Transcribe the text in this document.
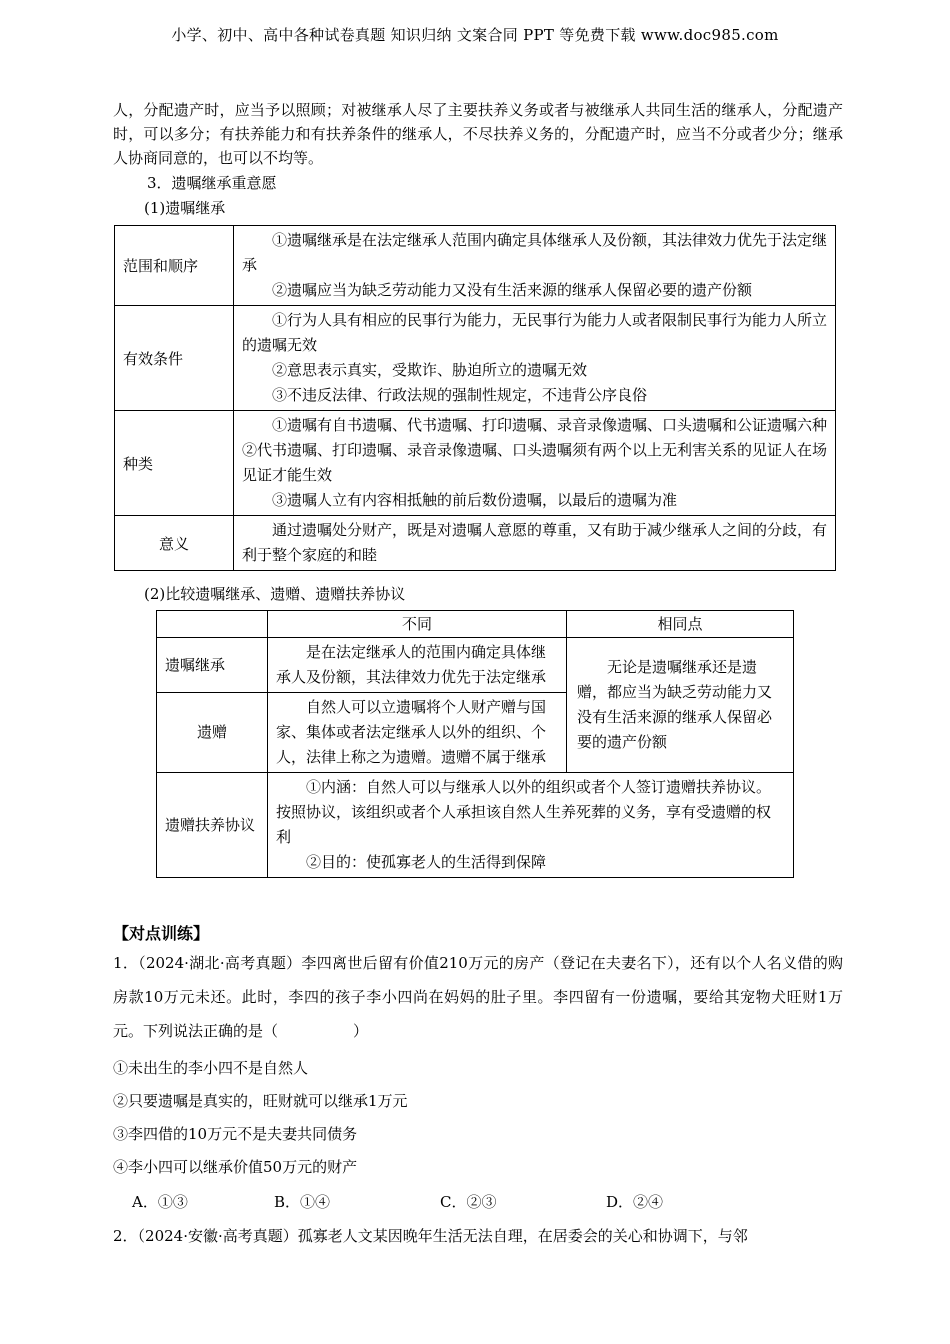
小学、初中、高中各种试卷真题 知识归纳 文案合同 PPT 等免费下载 www.doc985.com
人，分配遗产时，应当予以照顾；对被继承人尽了主要扶养义务或者与被继承人共同生活的继承人，分配遗产时，可以多分；有扶养能力和有扶养条件的继承人，不尽扶养义务的，分配遗产时，应当不分或者少分；继承人协商同意的，也可以不均等。
3．遗嘱继承重意愿
(1)遗嘱继承
范围和顺序	①遗嘱继承是在法定继承人范围内确定具体继承人及份额，其法律效力优先于法定继承

②遗嘱应当为缺乏劳动能力又没有生活来源的继承人保留必要的遗产份额

有效条件	①行为人具有相应的民事行为能力，无民事行为能力人或者限制民事行为能力人所立的遗嘱无效

②意思表示真实，受欺诈、胁迫所立的遗嘱无效

③不违反法律、行政法规的强制性规定，不违背公序良俗

种类	①遗嘱有自书遗嘱、代书遗嘱、打印遗嘱、录音录像遗嘱、口头遗嘱和公证遗嘱六种②代书遗嘱、打印遗嘱、录音录像遗嘱、口头遗嘱须有两个以上无利害关系的见证人在场见证才能生效

③遗嘱人立有内容相抵触的前后数份遗嘱，以最后的遗嘱为准

意义	通过遗嘱处分财产，既是对遗嘱人意愿的尊重，又有助于减少继承人之间的分歧，有利于整个家庭的和睦

(2)比较遗嘱继承、遗赠、遗赠扶养协议
	不同	相同点
遗嘱继承	是在法定继承人的范围内确定具体继承人及份额，其法律效力优先于法定继承	无论是遗嘱继承还是遗赠，都应当为缺乏劳动能力又没有生活来源的继承人保留必要的遗产份额

遗赠	自然人可以立遗嘱将个人财产赠与国家、集体或者法定继承人以外的组织、个人，法律上称之为遗赠。遗赠不属于继承	

遗赠扶养协议	①内涵：自然人可以与继承人以外的组织或者个人签订遗赠扶养协议。按照协议，该组织或者个人承担该自然人生养死葬的义务，享有受遗赠的权利

②目的：使孤寡老人的生活得到保障	

【对点训练】
1．（2024·湖北·高考真题）李四离世后留有价值210万元的房产（登记在夫妻名下），还有以个人名义借的购房款10万元未还。此时，李四的孩子李小四尚在妈妈的肚子里。李四留有一份遗嘱，要给其宠物犬旺财1万元。下列说法正确的是（　　　　　）
①未出生的李小四不是自然人
②只要遗嘱是真实的，旺财就可以继承1万元
③李四借的10万元不是夫妻共同债务
④李小四可以继承价值50万元的财产
A．①③	B．①④	C．②③	D．②④
2．（2024·安徽·高考真题）孤寡老人文某因晚年生活无法自理，在居委会的关心和协调下，与邻
